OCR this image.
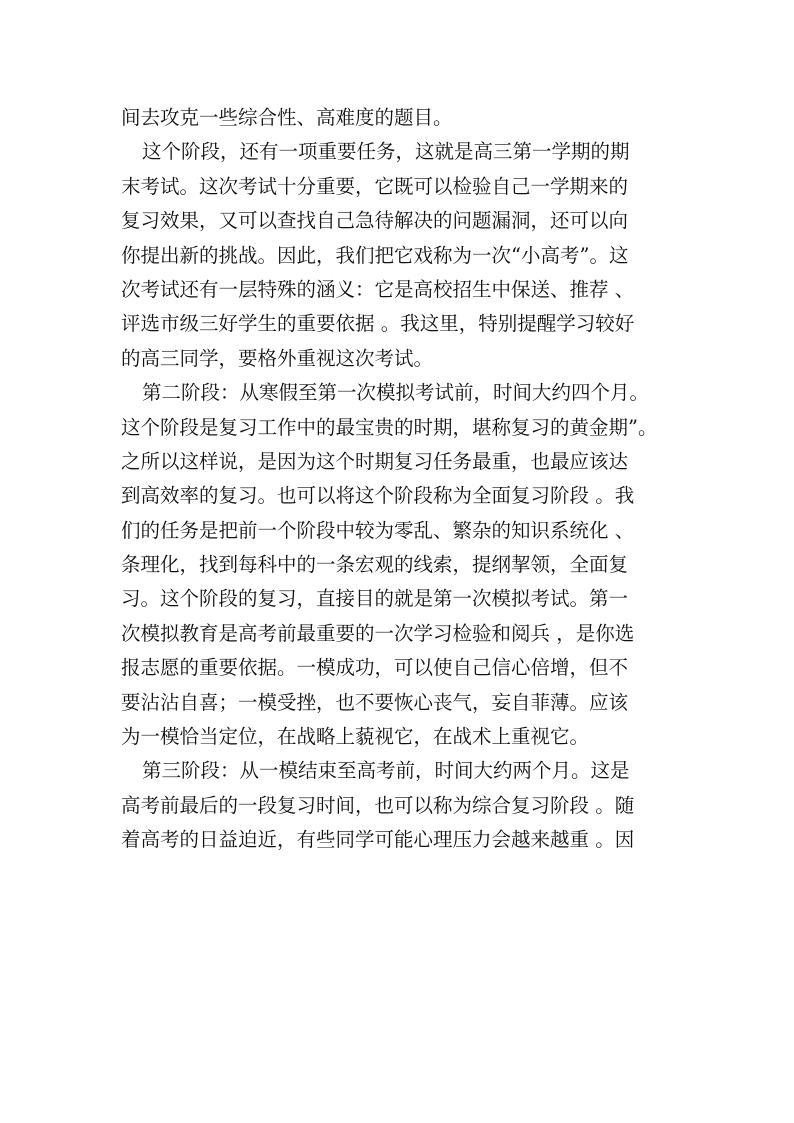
间去攻克一些综合性、高难度的题目。
这个阶段，还有一项重要任务，这就是高三第一学期的期
末考试。这次考试十分重要，它既可以检验自己一学期来的
复习效果，又可以查找自己急待解决的问题漏洞，还可以向
你提出新的挑战。因此，我们把它戏称为一次“小高考”。这
次考试还有一层特殊的涵义：它是高校招生中保送、推荐 、
评选市级三好学生的重要依据 。我这里，特别提醒学习较好
的高三同学，要格外重视这次考试。
第二阶段：从寒假至第一次模拟考试前，时间大约四个月。
这个阶段是复习工作中的最宝贵的时期，堪称复习的黄金期”。
之所以这样说，是因为这个时期复习任务最重，也最应该达
到高效率的复习。也可以将这个阶段称为全面复习阶段 。我
们的任务是把前一个阶段中较为零乱、繁杂的知识系统化 、
条理化，找到每科中的一条宏观的线索，提纲挈领，全面复
习。这个阶段的复习，直接目的就是第一次模拟考试。第一
次模拟教育是高考前最重要的一次学习检验和阅兵 ，是你选
报志愿的重要依据。一模成功，可以使自己信心倍增，但不
要沾沾自喜；一模受挫，也不要恢心丧气，妄自菲薄。应该
为一模恰当定位，在战略上藐视它，在战术上重视它。
第三阶段：从一模结束至高考前，时间大约两个月。这是
高考前最后的一段复习时间，也可以称为综合复习阶段 。随
着高考的日益迫近，有些同学可能心理压力会越来越重 。因
